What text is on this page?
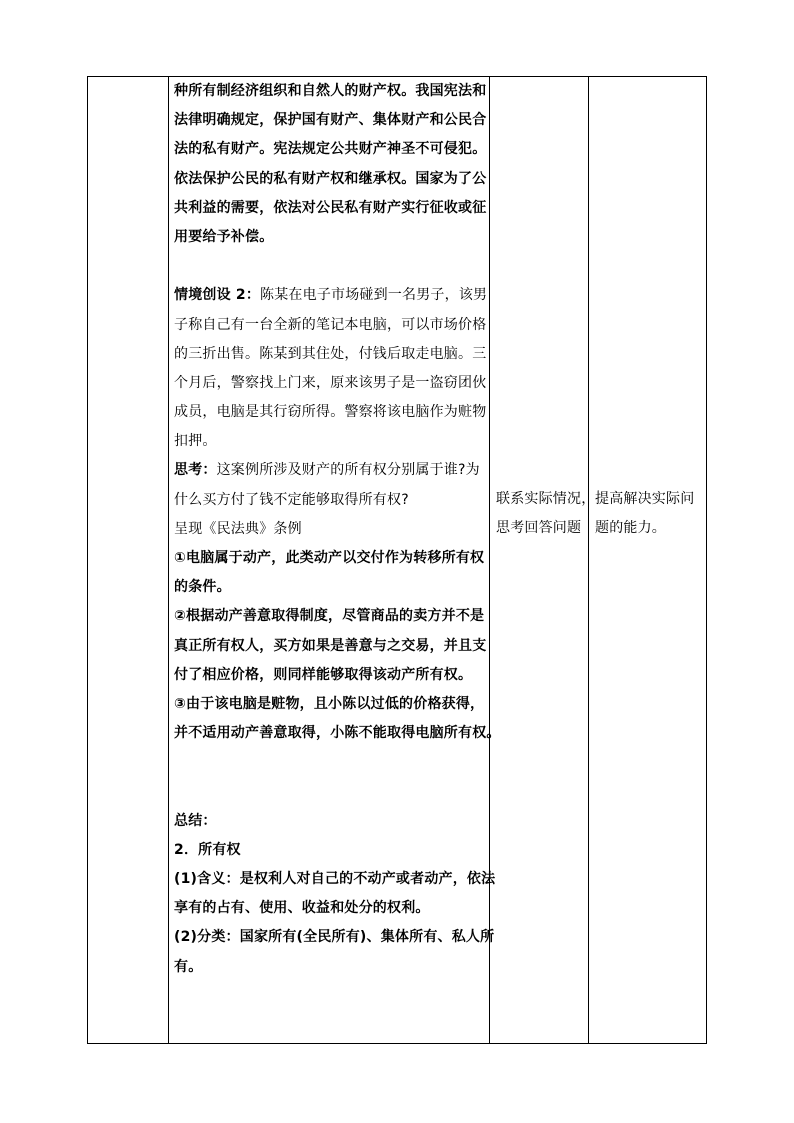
种所有制经济组织和自然人的财产权。我国宪法和
法律明确规定，保护国有财产、集体财产和公民合
法的私有财产。宪法规定公共财产神圣不可侵犯。
依法保护公民的私有财产权和继承权。国家为了公
共利益的需要，依法对公民私有财产实行征收或征
用要给予补偿。
情境创设 2：陈某在电子市场碰到一名男子，该男
子称自己有一台全新的笔记本电脑，可以市场价格
的三折出售。陈某到其住处，付钱后取走电脑。三
个月后，警察找上门来，原来该男子是一盗窃团伙
成员，电脑是其行窃所得。警察将该电脑作为赃物
扣押。
思考：这案例所涉及财产的所有权分别属于谁?为
什么买方付了钱不定能够取得所有权?
呈现《民法典》条例
①电脑属于动产，此类动产以交付作为转移所有权
的条件。
②根据动产善意取得制度，尽管商品的卖方并不是
真正所有权人，买方如果是善意与之交易，并且支
付了相应价格，则同样能够取得该动产所有权。
③由于该电脑是赃物，且小陈以过低的价格获得，
并不适用动产善意取得，小陈不能取得电脑所有权。
总结：
2．所有权
(1)含义：是权利人对自己的不动产或者动产，依法
享有的占有、使用、收益和处分的权利。
(2)分类：国家所有(全民所有)、集体所有、私人所
有。
联系实际情况，
思考回答问题
提高解决实际问
题的能力。
